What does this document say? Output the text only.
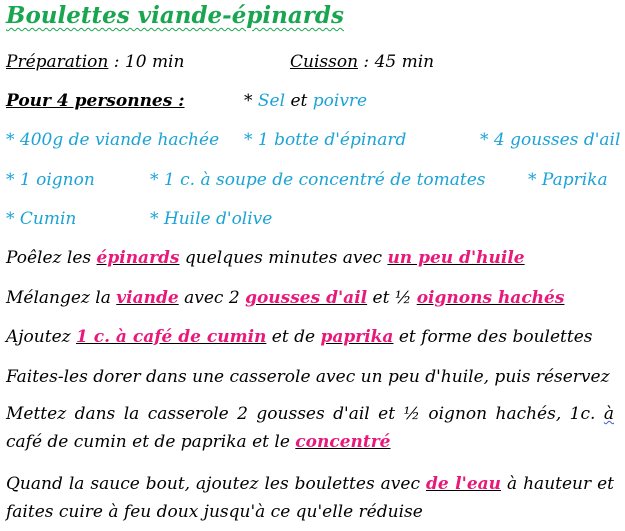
Boulettes viande-épinards
Préparation : 10 min	Cuisson : 45 min
Pour 4 personnes :	* Sel et poivre
* 400g de viande hachée * 1 botte d'épinard	* 4 gousses d'ail
* 1 oignon	* 1 c. à soupe de concentré de tomates * Paprika
* Cumin	* Huile d'olive
Poêlez les épinards quelques minutes avec un peu d'huile
Mélangez la viande avec 2 gousses d'ail et ½ oignons hachés
Ajoutez 1 c. à café de cumin et de paprika et forme des boulettes
Faites-les dorer dans une casserole avec un peu d'huile, puis réservez
Mettez dans la casserole 2 gousses d'ail et ½ oignon hachés, 1c. à café de cumin et de paprika et le concentré
Quand la sauce bout, ajoutez les boulettes avec de l'eau à hauteur et faites cuire à feu doux jusqu'à ce qu'elle réduise
